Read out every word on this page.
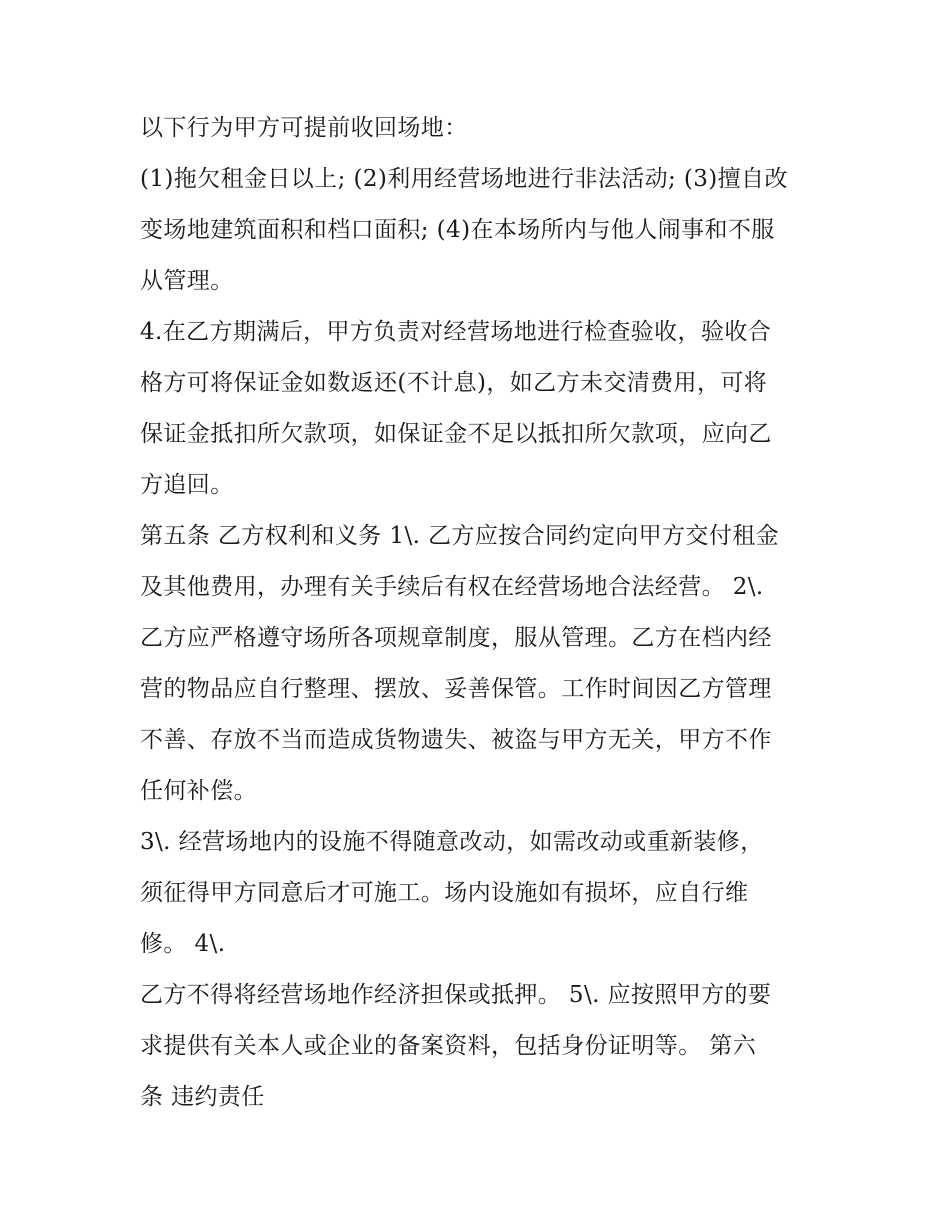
以下行为甲方可提前收回场地：

(1)拖欠租金日以上; (2)利用经营场地进行非法活动; (3)擅自改
变场地建筑面积和档口面积; (4)在本场所内与他人闹事和不服
从管理。

4.在乙方期满后，甲方负责对经营场地进行检查验收，验收合
格方可将保证金如数返还(不计息)，如乙方未交清费用，可将
保证金抵扣所欠款项，如保证金不足以抵扣所欠款项，应向乙
方追回。

第五条 乙方权利和义务 1\. 乙方应按合同约定向甲方交付租金
及其他费用，办理有关手续后有权在经营场地合法经营。 2\.
乙方应严格遵守场所各项规章制度，服从管理。乙方在档内经
营的物品应自行整理、摆放、妥善保管。工作时间因乙方管理
不善、存放不当而造成货物遗失、被盗与甲方无关，甲方不作
任何补偿。

3\. 经营场地内的设施不得随意改动，如需改动或重新装修，
须征得甲方同意后才可施工。场内设施如有损坏，应自行维
修。 4\.

乙方不得将经营场地作经济担保或抵押。 5\. 应按照甲方的要
求提供有关本人或企业的备案资料，包括身份证明等。 第六
条 违约责任
